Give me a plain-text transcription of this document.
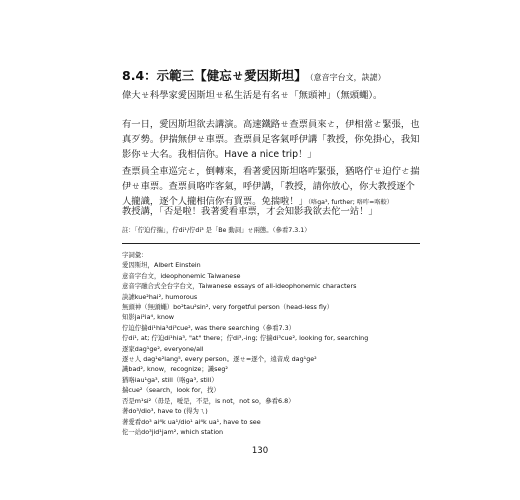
8.4：示範三【健忘ㄝ愛因斯坦】 （意音字台文，訣謔）
偉大ㄝ科學家愛因斯坦ㄝ私生活是有名ㄝ「無頭神」（無頭蠅）。
有一日，愛因斯坦欲去講演。高速鐵路ㄝ查票員來ㄜ，伊相當ㄜ緊張，也真歹勢。伊揣無伊ㄝ車票。查票員足客氣呼伊講「教授，你免掛心，我知影你ㄝ大名。我相信你。Have a nice trip！」
查票員全車巡完ㄜ，倒轉來，看著愛因斯坦咯咋緊張，猶咯佇ㄝ迫佇ㄜ揣伊ㄝ車票。查票員咯咋客氣，呼伊講，「教授，請你放心，你大教授逐个人攏識，逐个人攏相信你有買票。免揣啦！」（咯ga³, further; 咯咋=咯較）
教授講，「否是啦！我著愛看車票，才会知影我欲去佗一站！」
註：「佇迫佇揣」，佇di¹/佇di³ 是「Be 動詞」ㄝ兩態。（參看7.3.1）
字詞彙：
愛因斯坦，Albert Einstein
意音字台文，ideophonemic Taiwanese
意音字融合式全台字台文，Taiwanese essays of all-ideophonemic characters
訣謔kue²hai², humorous
無頭神（無頭蠅）bo²tau²sin², very forgetful person（head-less fly）
知影jai²ia⁴, know
佇迫佇揣di¹hia³di³cue², was there searching（參看7.3）
佇di¹, at; 佇迫di¹hia³, "at" there；佇di³,-ing; 佇揣di³cue², looking for, searching
逐家dag¹ge², everyone/all
逐ㄝ人 dag¹e²lang⁵, every person。逐ㄝ=逐个，遠音成 dag¹ge²
識bad², know，recognize；識seg²
猶咯iau¹ga³, still（咯ga³, still）
揣cue²（search，look for，找）
否是m¹si²（毋是，噯是，不是，is not，not so，參看6.8）
著do³/dio³, have to (得为ㄟ)
著愛看do³ ai⁴k ua¹/dio¹ ai⁴k ua¹, have to see
佗一站do³jid¹jam², which station
130
